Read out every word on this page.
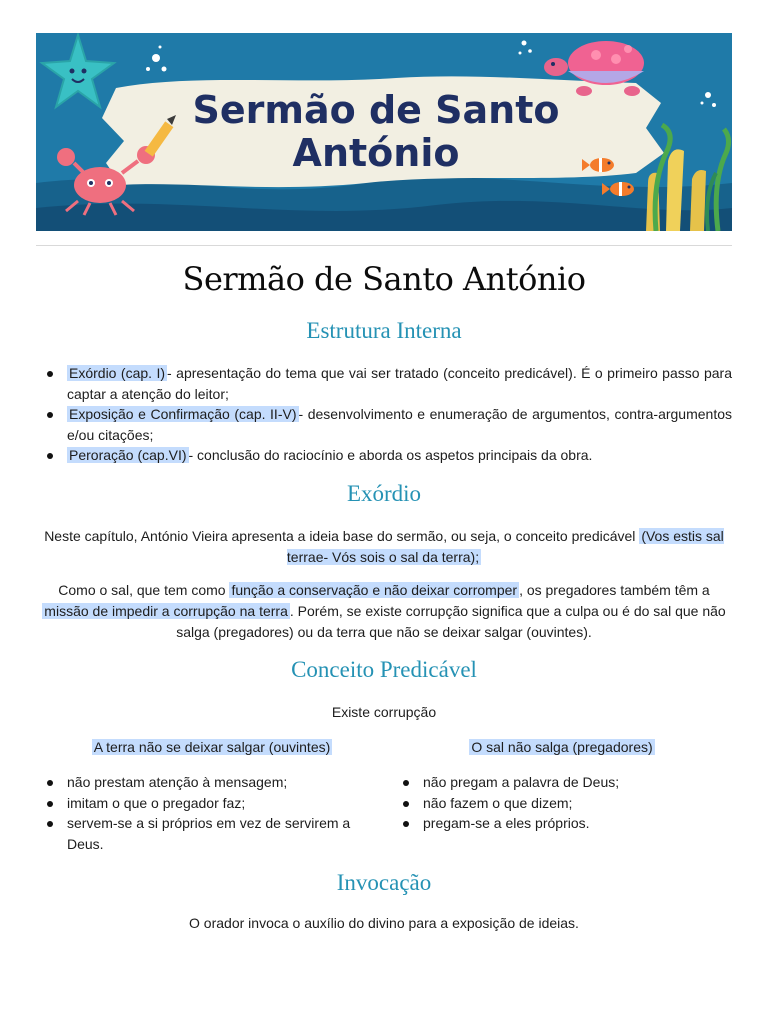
Sermão de Santo António
Sermão de Santo António
Estrutura Interna
Exórdio (cap. I) - apresentação do tema que vai ser tratado (conceito predicável). É o primeiro passo para captar a atenção do leitor;
Exposição e Confirmação (cap. II-V) - desenvolvimento e enumeração de argumentos, contra-argumentos e/ou citações;
Peroração (cap.VI) - conclusão do raciocínio e aborda os aspetos principais da obra.
Exórdio

Neste capítulo, António Vieira apresenta a ideia base do sermão, ou seja, o conceito predicável (Vos estis sal terrae- Vós sois o sal da terra);

Como o sal, que tem como função a conservação e não deixar corromper , os pregadores também têm a missão de impedir a corrupção na terra . Porém, se existe corrupção significa que a culpa ou é do sal que não salga (pregadores) ou da terra que não se deixar salgar (ouvintes).

Conceito Predicável

Existe corrupção

A terra não se deixar salgar (ouvintes)	O sal não salga (pregadores)

não prestam atenção à mensagem;
imitam o que o pregador faz;
servem-se a si próprios em vez de servirem a Deus.
não pregam a palavra de Deus;
não fazem o que dizem;
pregam-se a eles próprios.
Invocação

O orador invoca o auxílio do divino para a exposição de ideias.
